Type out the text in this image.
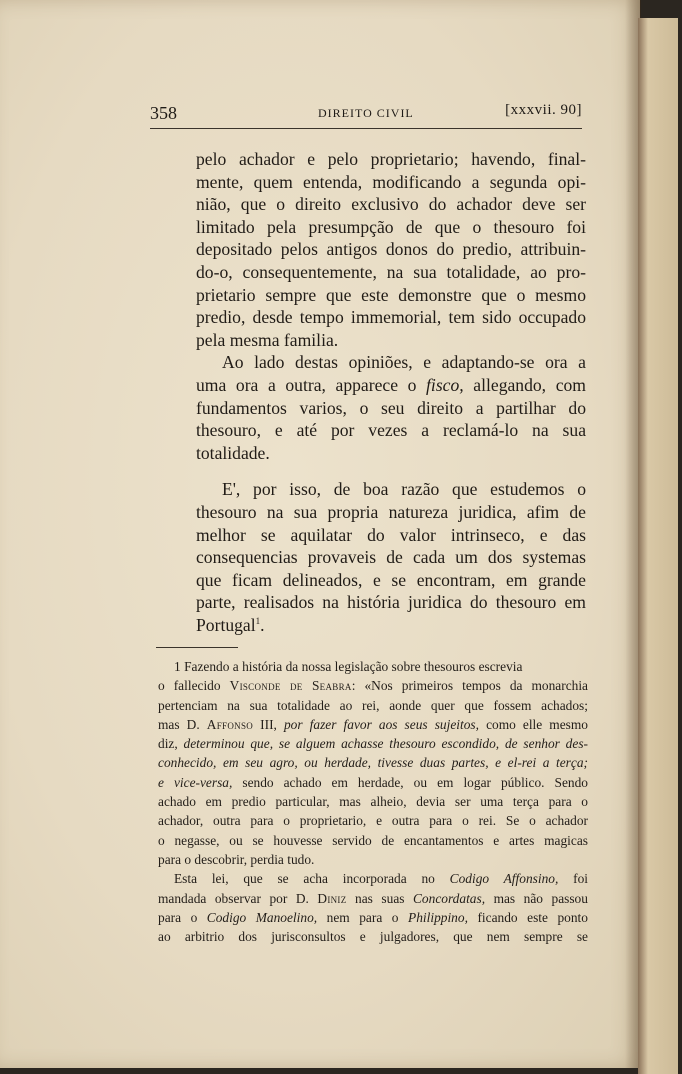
358	DIREITO CIVIL	[xxxvii. 90]
pelo achador e pelo proprietario; havendo, final-
mente, quem entenda, modificando a segunda opi-
nião, que o direito exclusivo do achador deve ser
limitado pela presumpção de que o thesouro foi
depositado pelos antigos donos do predio, attribuin-
do-o, consequentemente, na sua totalidade, ao pro-
prietario sempre que este demonstre que o mesmo
predio, desde tempo immemorial, tem sido occupado
pela mesma familia.
Ao lado destas opiniões, e adaptando-se ora a
uma ora a outra, apparece o fisco, allegando, com
fundamentos varios, o seu direito a partilhar do
thesouro, e até por vezes a reclamá-lo na sua
totalidade.
E', por isso, de boa razão que estudemos o
thesouro na sua propria natureza juridica, afim de
melhor se aquilatar do valor intrinseco, e das
consequencias provaveis de cada um dos systemas
que ficam delineados, e se encontram, em grande
parte, realisados na história juridica do thesouro em
Portugal$^1$.
1 Fazendo a história da nossa legislação sobre thesouros escrevia
o fallecido Visconde de Seabra: «Nos primeiros tempos da monarchia
pertenciam na sua totalidade ao rei, aonde quer que fossem achados;
mas D. Affonso III, por fazer favor aos seus sujeitos, como elle mesmo
diz, determinou que, se alguem achasse thesouro escondido, de senhor des-
conhecido, em seu agro, ou herdade, tivesse duas partes, e el-rei a terça;
e vice-versa, sendo achado em herdade, ou em logar público. Sendo
achado em predio particular, mas alheio, devia ser uma terça para o
achador, outra para o proprietario, e outra para o rei. Se o achador
o negasse, ou se houvesse servido de encantamentos e artes magicas
para o descobrir, perdia tudo.
Esta lei, que se acha incorporada no Codigo Affonsino, foi
mandada observar por D. Diniz nas suas Concordatas, mas não passou
para o Codigo Manoelino, nem para o Philippino, ficando este ponto
ao arbitrio dos jurisconsultos e julgadores, que nem sempre se
